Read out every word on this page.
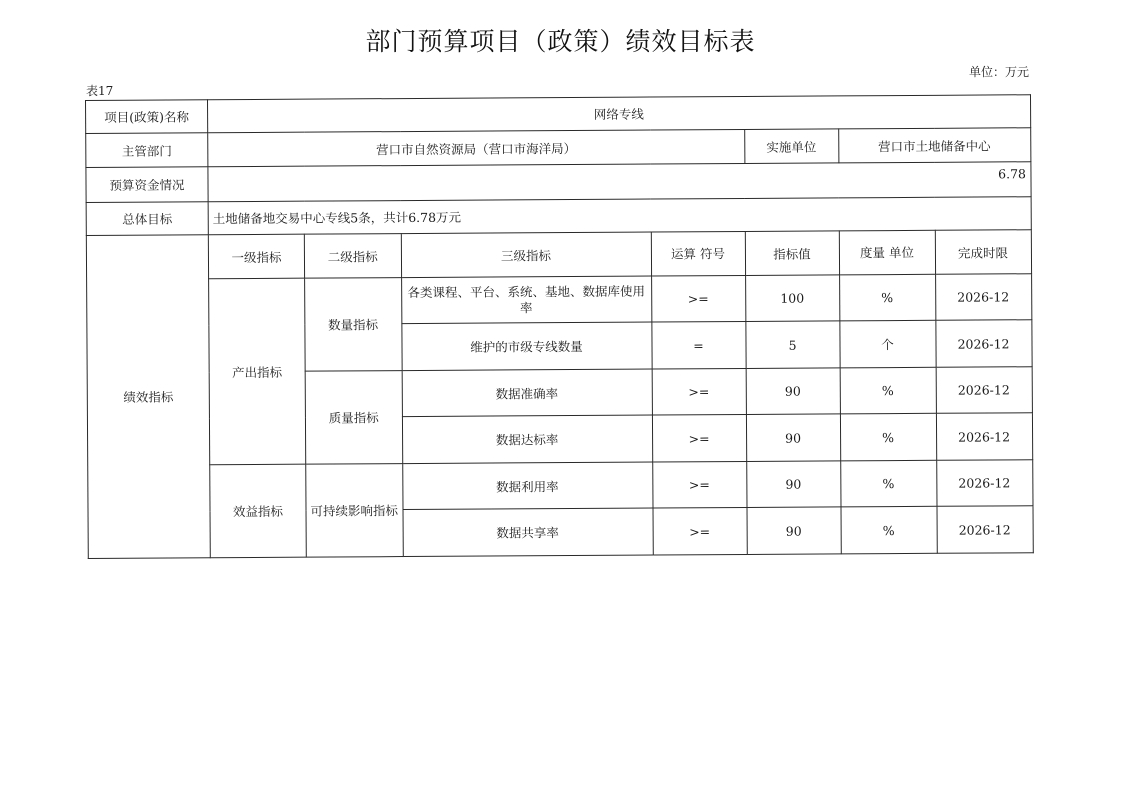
部门预算项目（政策）绩效目标表
单位：万元
表17
项目(政策)名称	网络专线						
主管部门	营口市自然资源局（营口市海洋局）				实施单位	营口市土地储备中心	
预算资金情况	6.78						
总体目标	土地储备地交易中心专线5条，共计6.78万元						
绩效指标	一级指标	二级指标	三级指标	运算 符号	指标值	度量 单位	完成时限
	产出指标	数量指标	各类课程、平台、系统、基地、数据库使用率	>=	100	%	2026-12
			维护的市级专线数量	=	5	个	2026-12
		质量指标	数据准确率	>=	90	%	2026-12
			数据达标率	>=	90	%	2026-12
	效益指标	可持续影响指标	数据利用率	>=	90	%	2026-12
			数据共享率	>=	90	%	2026-12
